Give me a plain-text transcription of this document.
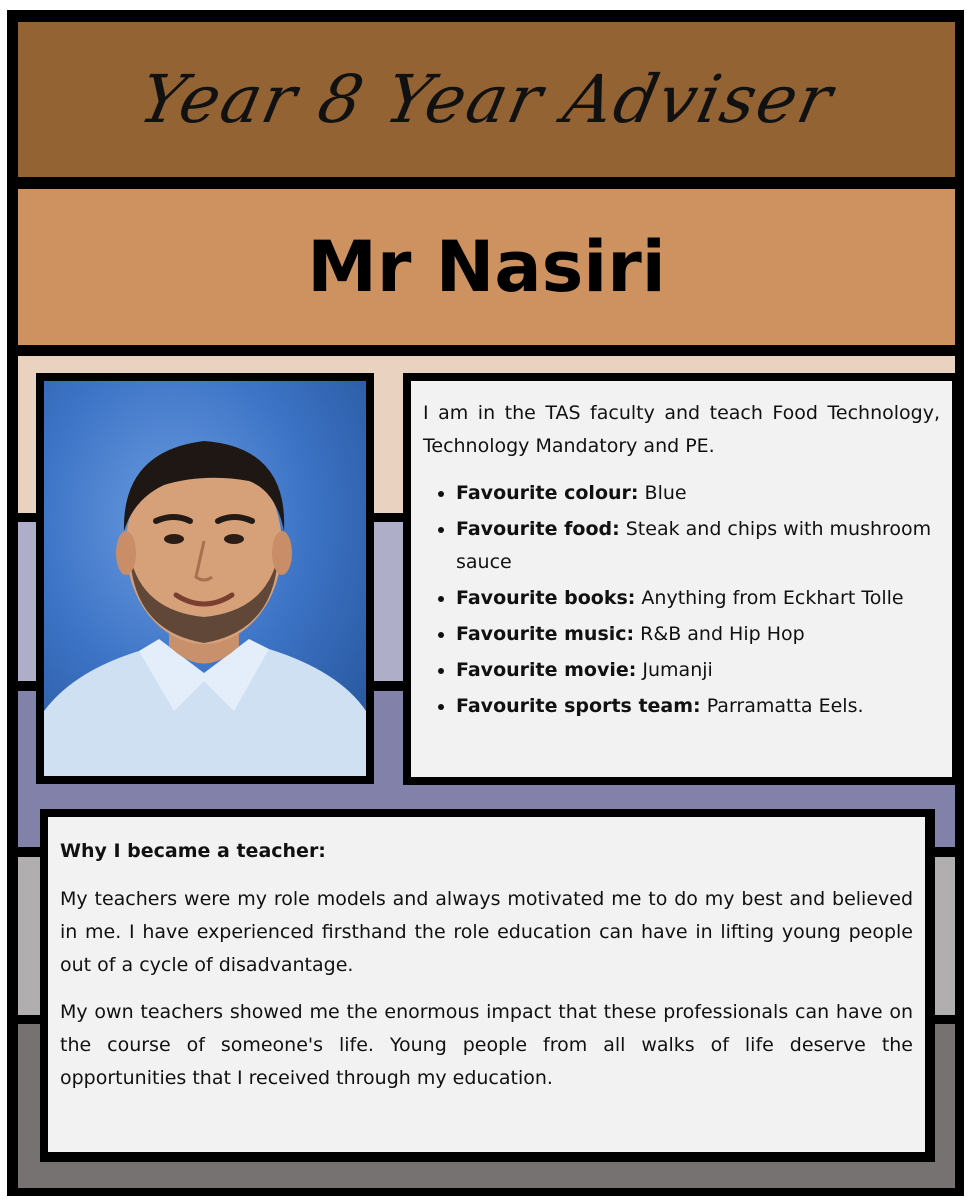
Year 8 Year Adviser
Mr Nasiri

I am in the TAS faculty and teach Food Technology, Technology Mandatory and PE.

• Favourite colour: Blue
• Favourite food: Steak and chips with mushroom sauce
• Favourite books: Anything from Eckhart Tolle
• Favourite music: R&B and Hip Hop
• Favourite movie: Jumanji
• Favourite sports team: Parramatta Eels.
Why I became a teacher:

My teachers were my role models and always motivated me to do my best and believed in me. I have experienced firsthand the role education can have in lifting young people out of a cycle of disadvantage.

My own teachers showed me the enormous impact that these professionals can have on the course of someone's life. Young people from all walks of life deserve the opportunities that I received through my education.
